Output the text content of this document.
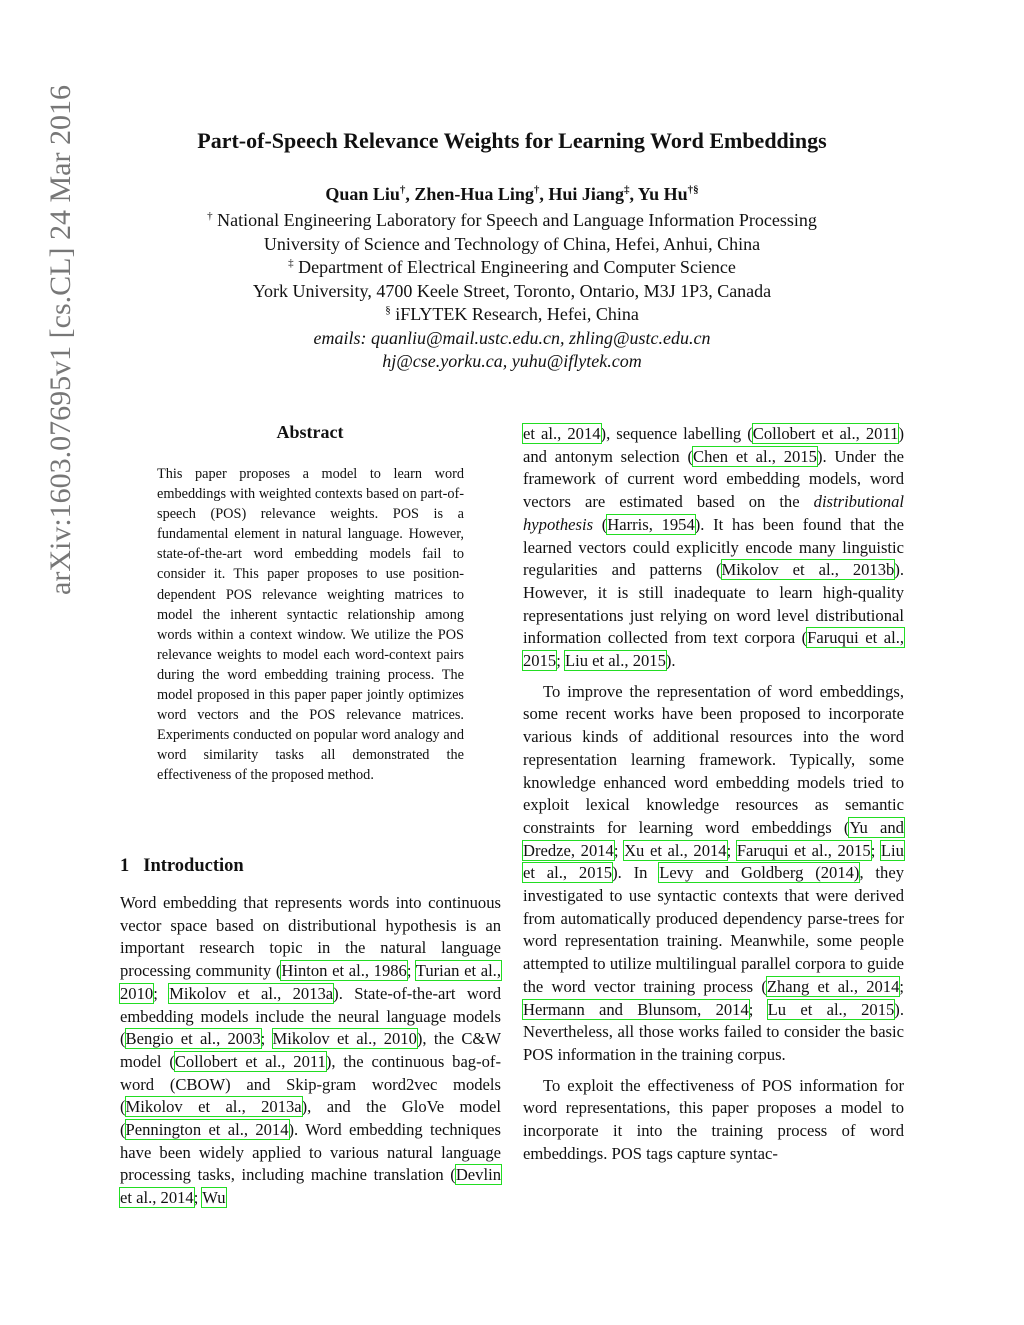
arXiv:1603.07695v1 [cs.CL] 24 Mar 2016	Part-of-Speech Relevance Weights for Learning Word Embeddings
Quan Liu†, Zhen-Hua Ling†, Hui Jiang‡, Yu Hu†§
† National Engineering Laboratory for Speech and Language Information Processing
University of Science and Technology of China, Hefei, Anhui, China
‡ Department of Electrical Engineering and Computer Science
York University, 4700 Keele Street, Toronto, Ontario, M3J 1P3, Canada
§ iFLYTEK Research, Hefei, China
emails: quanliu@mail.ustc.edu.cn, zhling@ustc.edu.cn
hj@cse.yorku.ca, yuhu@iflytek.com
Abstract
This paper proposes a model to learn word embeddings with weighted contexts based on part-of-speech (POS) relevance weights. POS is a fundamental element in natural language. However, state-of-the-art word embedding models fail to consider it. This paper proposes to use position-dependent POS relevance weighting matrices to model the inherent syntactic relationship among words within a context window. We utilize the POS relevance weights to model each word-context pairs during the word embedding training process. The model proposed in this paper paper jointly optimizes word vectors and the POS relevance matrices. Experiments conducted on popular word analogy and word similarity tasks all demonstrated the effectiveness of the proposed method.
1 Introduction

Word embedding that represents words into continuous vector space based on distributional hypothesis is an important research topic in the natural language processing community (Hinton et al., 1986; Turian et al., 2010; Mikolov et al., 2013a). State-of-the-art word embedding models include the neural language models (Bengio et al., 2003; Mikolov et al., 2010), the C&W model (Collobert et al., 2011), the continuous bag-of-word (CBOW) and Skip-gram word2vec models (Mikolov et al., 2013a), and the GloVe model (Pennington et al., 2014). Word embedding techniques have been widely applied to various natural language processing tasks, including machine translation (Devlin et al., 2014; Wu

et al., 2014), sequence labelling (Collobert et al., 2011) and antonym selection (Chen et al., 2015). Under the framework of current word embedding models, word vectors are estimated based on the distributional hypothesis (Harris, 1954). It has been found that the learned vectors could explicitly encode many linguistic regularities and patterns (Mikolov et al., 2013b). However, it is still inadequate to learn high-quality representations just relying on word level distributional information collected from text corpora (Faruqui et al., 2015; Liu et al., 2015).

To improve the representation of word embeddings, some recent works have been proposed to incorporate various kinds of additional resources into the word representation learning framework. Typically, some knowledge enhanced word embedding models tried to exploit lexical knowledge resources as semantic constraints for learning word embeddings (Yu and Dredze, 2014; Xu et al., 2014; Faruqui et al., 2015; Liu et al., 2015). In Levy and Goldberg (2014), they investigated to use syntactic contexts that were derived from automatically produced dependency parse-trees for word representation training. Meanwhile, some people attempted to utilize multilingual parallel corpora to guide the word vector training process (Zhang et al., 2014; Hermann and Blunsom, 2014; Lu et al., 2015). Nevertheless, all those works failed to consider the basic POS information in the training corpus.

To exploit the effectiveness of POS information for word representations, this paper proposes a model to incorporate it into the training process of word embeddings. POS tags capture syntac-
